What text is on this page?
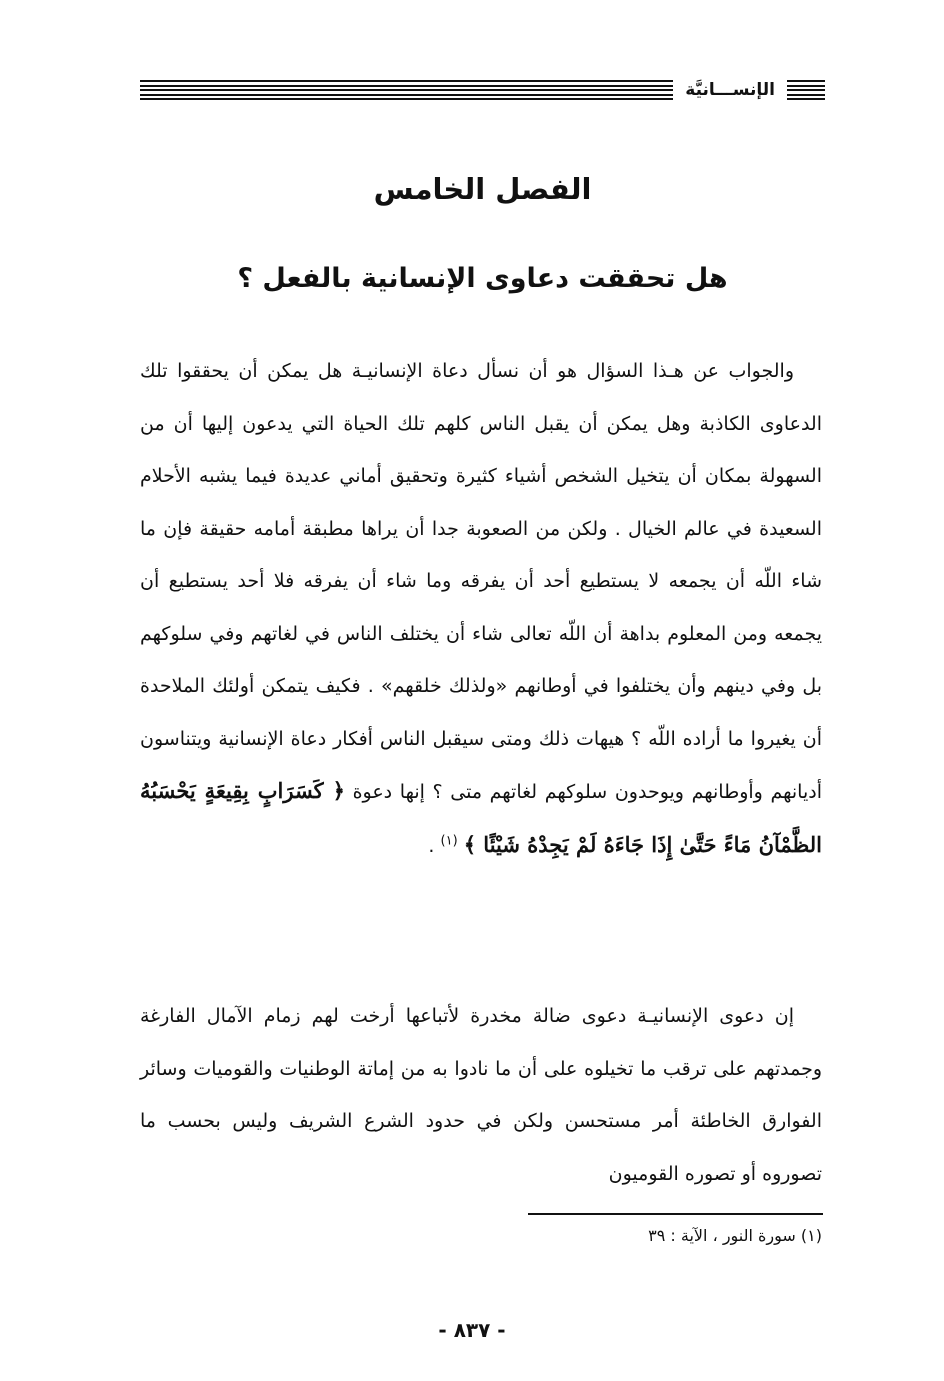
الإنســـانيَّة
الفصل الخامس
هل تحققت دعاوى الإنسانية بالفعل ؟

والجواب عن هـذا السؤال هو أن نسأل دعاة الإنسانيـة هل يمكن أن يحققوا تلك الدعاوى الكاذبة وهل يمكن أن يقبل الناس كلهم تلك الحياة التي يدعون إليها أن من السهولة بمكان أن يتخيل الشخص أشياء كثيرة وتحقيق أماني عديدة فيما يشبه الأحلام السعيدة في عالم الخيال . ولكن من الصعوبة جدا أن يراها مطبقة أمامه حقيقة فإن ما شاء اللّه أن يجمعه لا يستطيع أحد أن يفرقه وما شاء أن يفرقه فلا أحد يستطيع أن يجمعه ومن المعلوم بداهة أن اللّه تعالى شاء أن يختلف الناس في لغاتهم وفي سلوكهم بل وفي دينهم وأن يختلفوا في أوطانهم «ولذلك خلقهم» . فكيف يتمكن أولئك الملاحدة أن يغيروا ما أراده اللّه ؟ هيهات ذلك ومتى سيقبل الناس أفكار دعاة الإنسانية ويتناسون أديانهم وأوطانهم ويوحدون سلوكهم لغاتهم متى ؟ إنها دعوة ﴿ كَسَرَابٍ بِقِيعَةٍ يَحْسَبُهُ الظَّمْآنُ مَاءً حَتَّىٰ إِذَا جَاءَهُ لَمْ يَجِدْهُ شَيْئًا ﴾ $^{(١)}$ .

إن دعوى الإنسانيـة دعوى ضالة مخدرة لأتباعها أرخت لهم زمام الآمال الفارغة وجمدتهم على ترقب ما تخيلوه على أن ما نادوا به من إماتة الوطنيات والقوميات وسائر الفوارق الخاطئة أمر مستحسن ولكن في حدود الشرع الشريف وليس بحسب ما تصوروه أو تصوره القوميون

(١) سورة النور ، الآية : ٣٩

- ٨٣٧ -
